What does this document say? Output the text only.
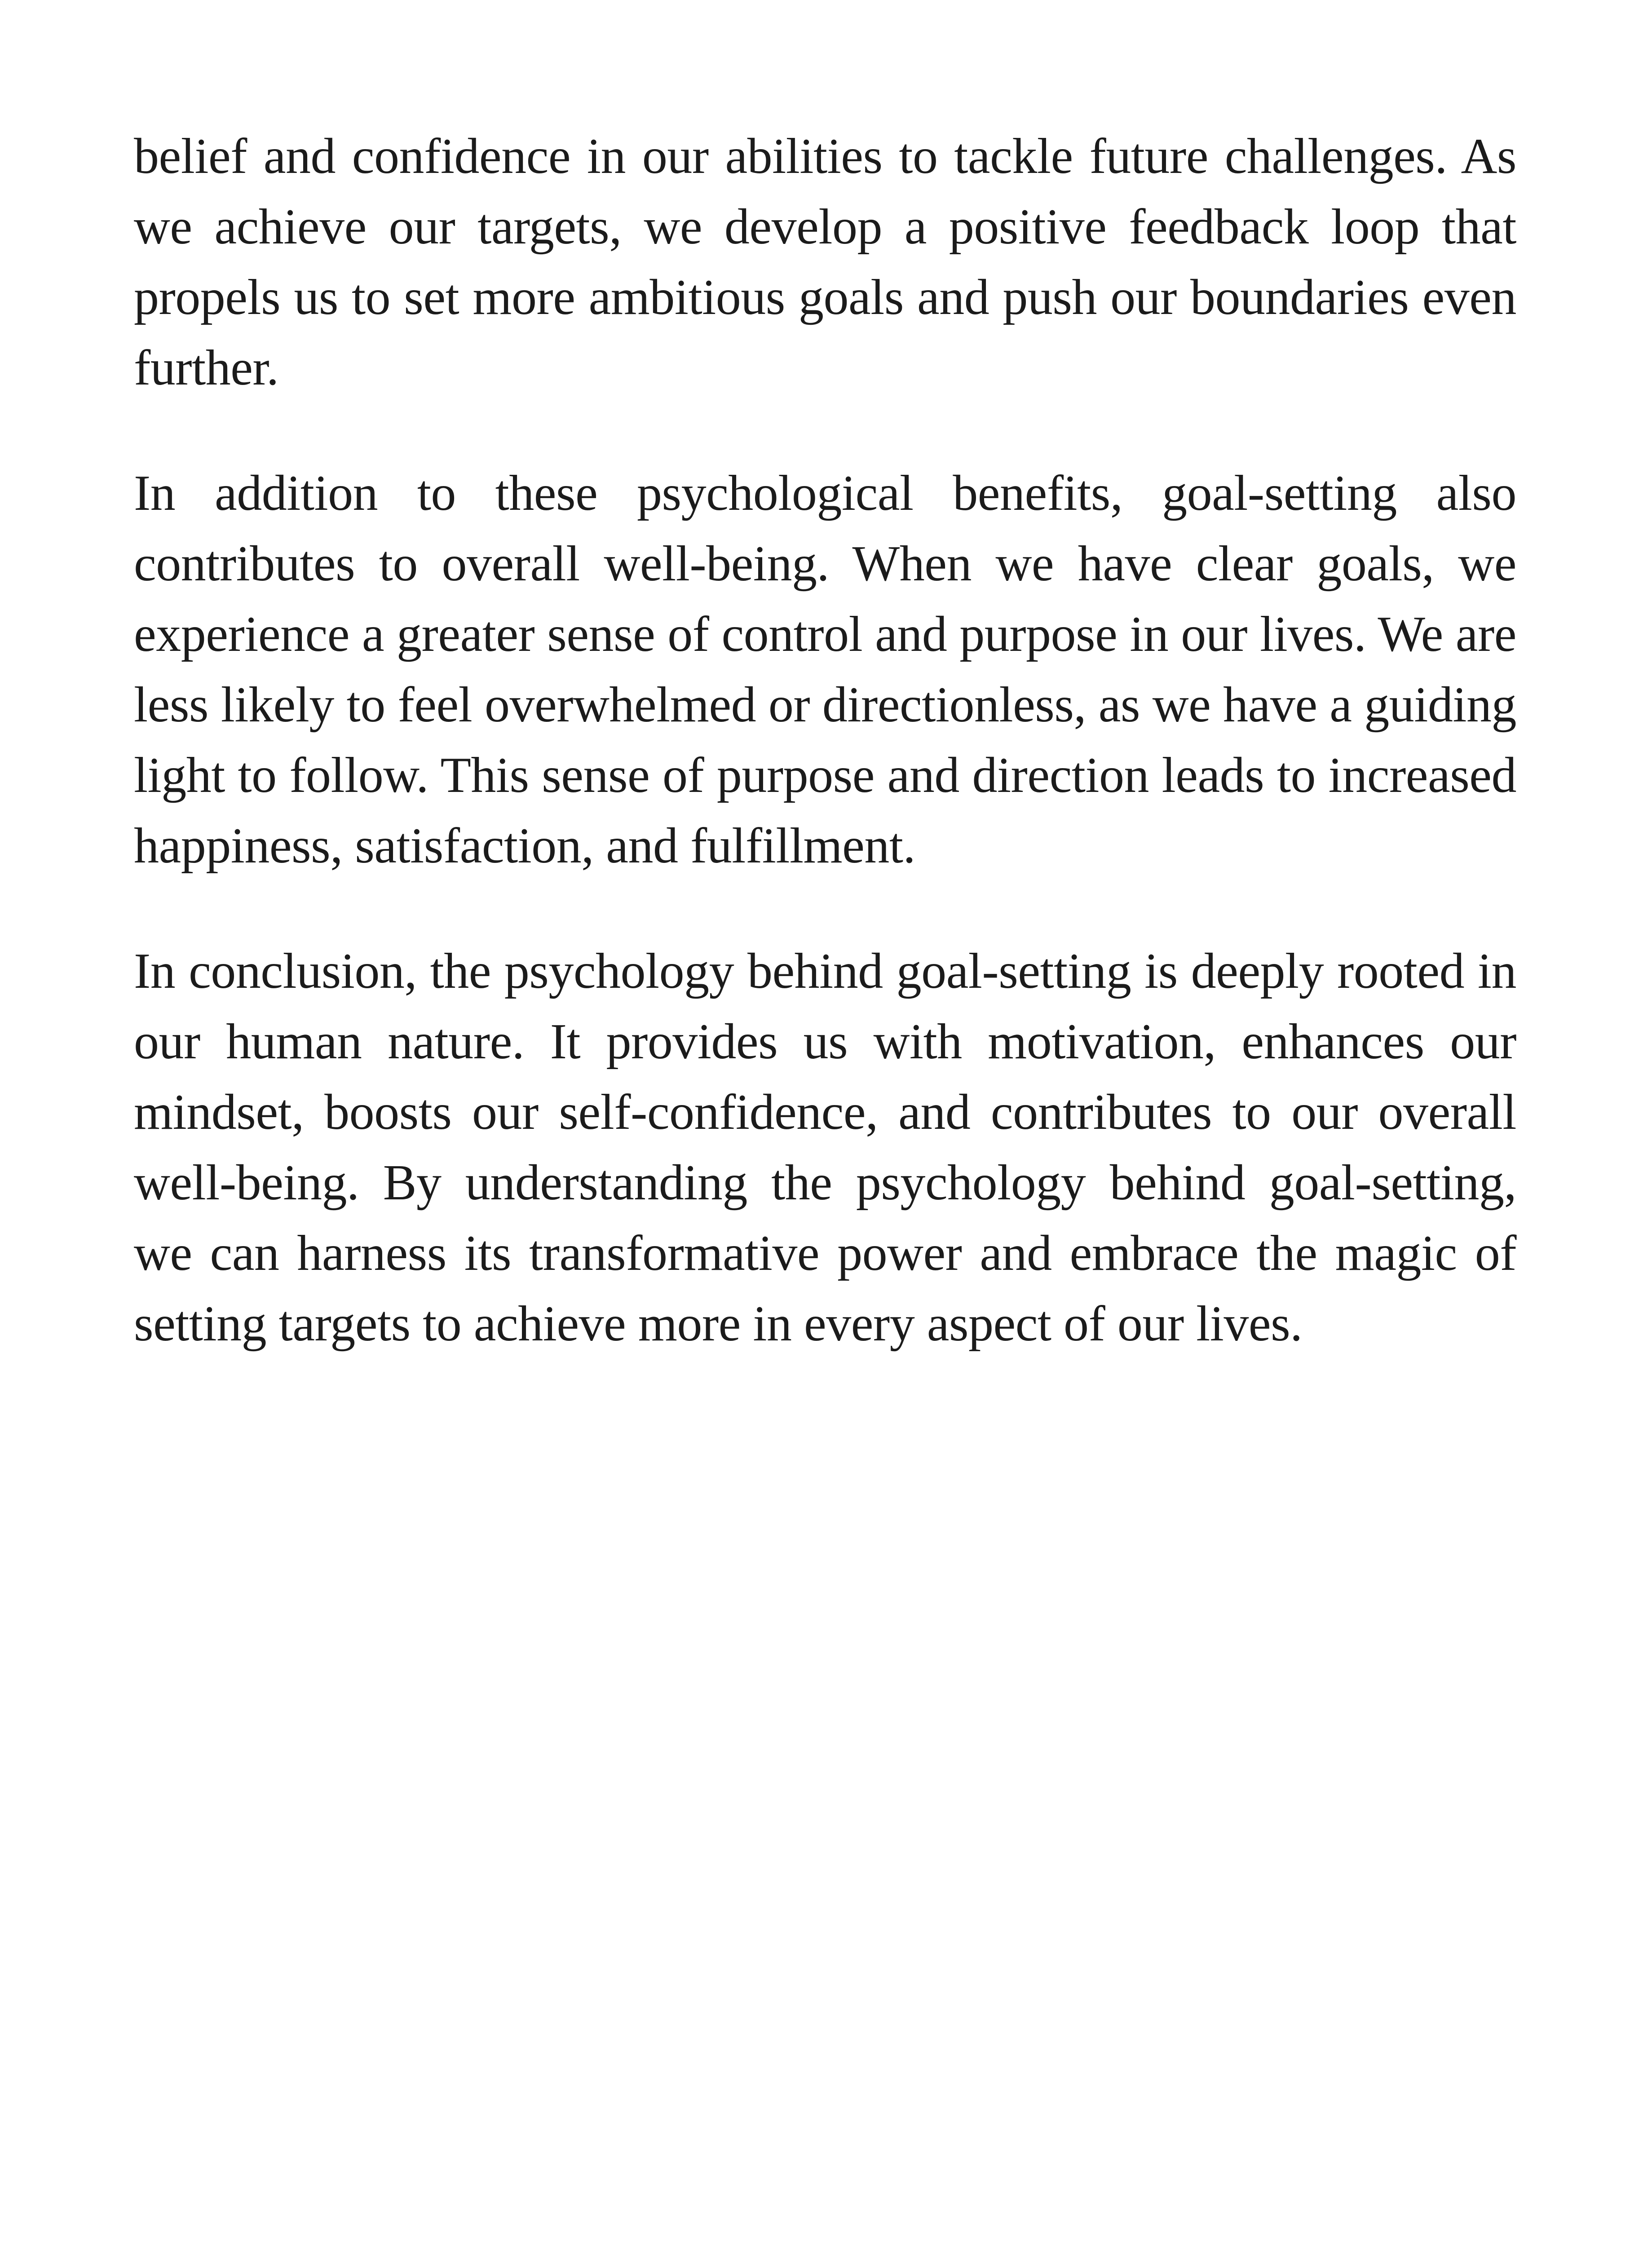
belief and confidence in our abilities to tackle future challenges. As we achieve our targets, we develop a positive feedback loop that propels us to set more ambitious goals and push our boundaries even further.

In addition to these psychological benefits, goal-setting also contributes to overall well-being. When we have clear goals, we experience a greater sense of control and purpose in our lives. We are less likely to feel overwhelmed or directionless, as we have a guiding light to follow. This sense of purpose and direction leads to increased happiness, satisfaction, and fulfillment.

In conclusion, the psychology behind goal-setting is deeply rooted in our human nature. It provides us with motivation, enhances our mindset, boosts our self-confidence, and contributes to our overall well-being. By understanding the psychology behind goal-setting, we can harness its transformative power and embrace the magic of setting targets to achieve more in every aspect of our lives.
